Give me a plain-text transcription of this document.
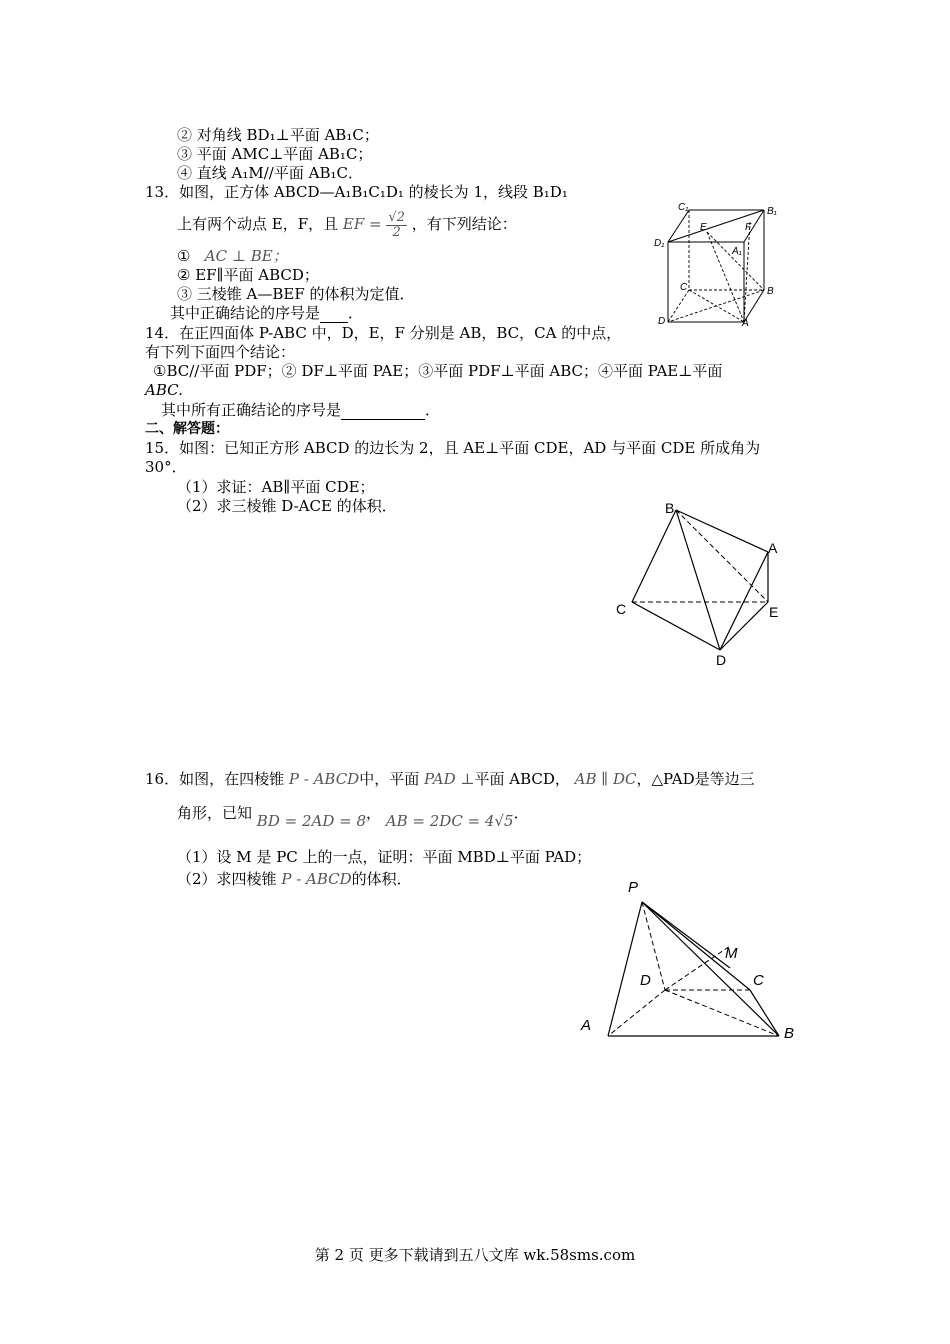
② 对角线 BD₁⊥平面 AB₁C；
③ 平面 AMC⊥平面 AB₁C；
④ 直线 A₁M//平面 AB₁C．
13．如图，正方体 ABCD—A₁B₁C₁D₁ 的棱长为 1，线段 B₁D₁
上有两个动点 E，F，且 EF = $\frac{√2}{2}$ ，有下列结论：
① AC ⊥ BE；
② EF∥平面 ABCD；
③ 三棱锥 A—BEF 的体积为定值．
其中正确结论的序号是 ．
C₁	B₁
E	F
D₁
A₁
C	B
D	A
14．在正四面体 P-ABC 中，D，E，F 分别是 AB，BC，CA 的中点，
有下列下面四个结论：
①BC//平面 PDF；② DF⊥平面 PAE；③平面 PDF⊥平面 ABC；④平面 PAE⊥平面
ABC.
其中所有正确结论的序号是	．
二、解答题：
15．如图：已知正方形 ABCD 的边长为 2，且 AE⊥平面 CDE，AD 与平面 CDE 所成角为
30°．
（1）求证：AB∥平面 CDE；
（2）求三棱锥 D-ACE 的体积．	B
A
C	E
D
16．如图，在四棱锥 P - ABCD中，平面 PAD ⊥平面 ABCD， AB ∥ DC，△PAD是等边三
角形，已知 BD = 2AD = 8， AB = 2DC = 4√5．
（1）设 M 是 PC 上的一点，证明：平面 MBD⊥平面 PAD；
（2）求四棱锥 P - ABCD的体积．	P
M
D	C
A	B
第 2 页 更多下载请到五八文库 wk.58sms.com
